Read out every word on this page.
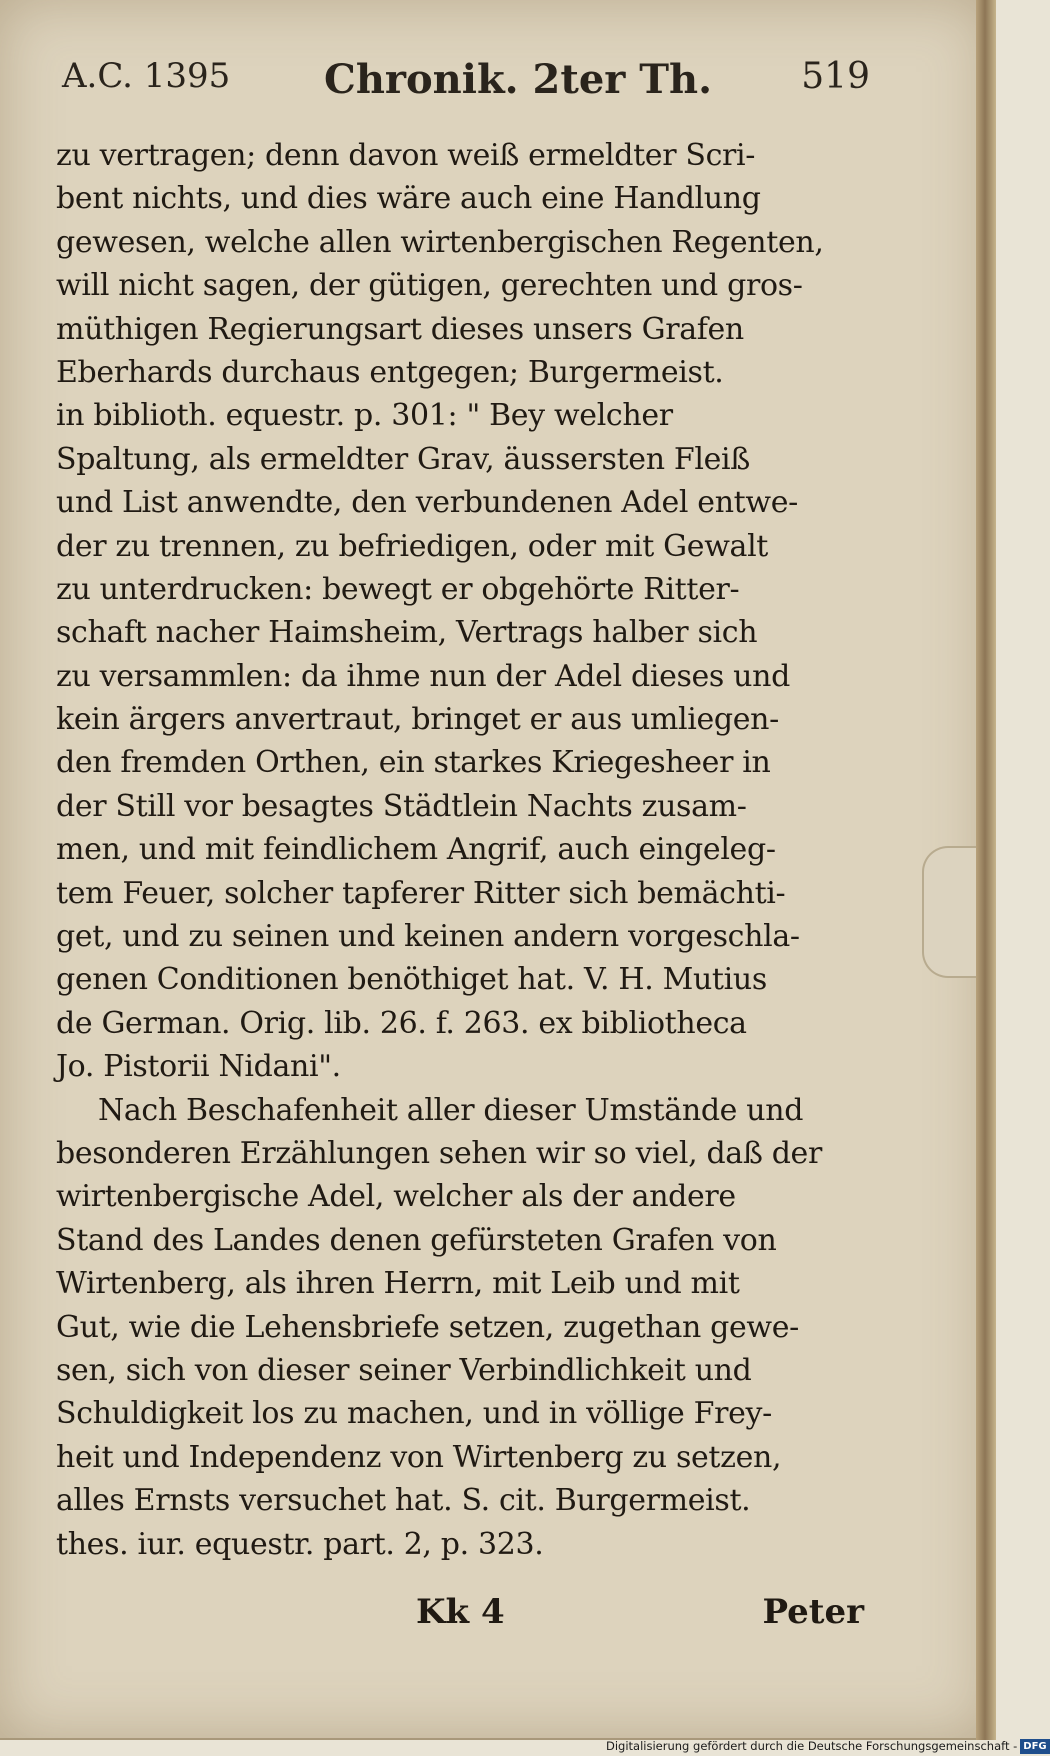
A.C. 1395 Chronik. 2ter Th. 519
zu vertragen; denn davon weiß ermeldter Scri-
bent nichts, und dies wäre auch eine Handlung
gewesen, welche allen wirtenbergischen Regenten,
will nicht sagen, der gütigen, gerechten und gros-
müthigen Regierungsart dieses unsers Grafen
Eberhards durchaus entgegen; Burgermeist.
in biblioth. equestr. p. 301: " Bey welcher
Spaltung, als ermeldter Grav, äussersten Fleiß
und List anwendte, den verbundenen Adel entwe-
der zu trennen, zu befriedigen, oder mit Gewalt
zu unterdrucken: bewegt er obgehörte Ritter-
schaft nacher Haimsheim, Vertrags halber sich
zu versammlen: da ihme nun der Adel dieses und
kein ärgers anvertraut, bringet er aus umliegen-
den fremden Orthen, ein starkes Kriegesheer in
der Still vor besagtes Städtlein Nachts zusam-
men, und mit feindlichem Angrif, auch eingeleg-
tem Feuer, solcher tapferer Ritter sich bemächti-
get, und zu seinen und keinen andern vorgeschla-
genen Conditionen benöthiget hat. V. H. Mutius
de German. Orig. lib. 26. f. 263. ex bibliotheca
Jo. Pistorii Nidani".
Nach Beschafenheit aller dieser Umstände und
besonderen Erzählungen sehen wir so viel, daß der
wirtenbergische Adel, welcher als der andere
Stand des Landes denen gefürsteten Grafen von
Wirtenberg, als ihren Herrn, mit Leib und mit
Gut, wie die Lehensbriefe setzen, zugethan gewe-
sen, sich von dieser seiner Verbindlichkeit und
Schuldigkeit los zu machen, und in völlige Frey-
heit und Independenz von Wirtenberg zu setzen,
alles Ernsts versuchet hat. S. cit. Burgermeist.
thes. iur. equestr. part. 2, p. 323.
Kk 4	Peter
Digitalisierung gefördert durch die Deutsche Forschungsgemeinschaft - DFG
